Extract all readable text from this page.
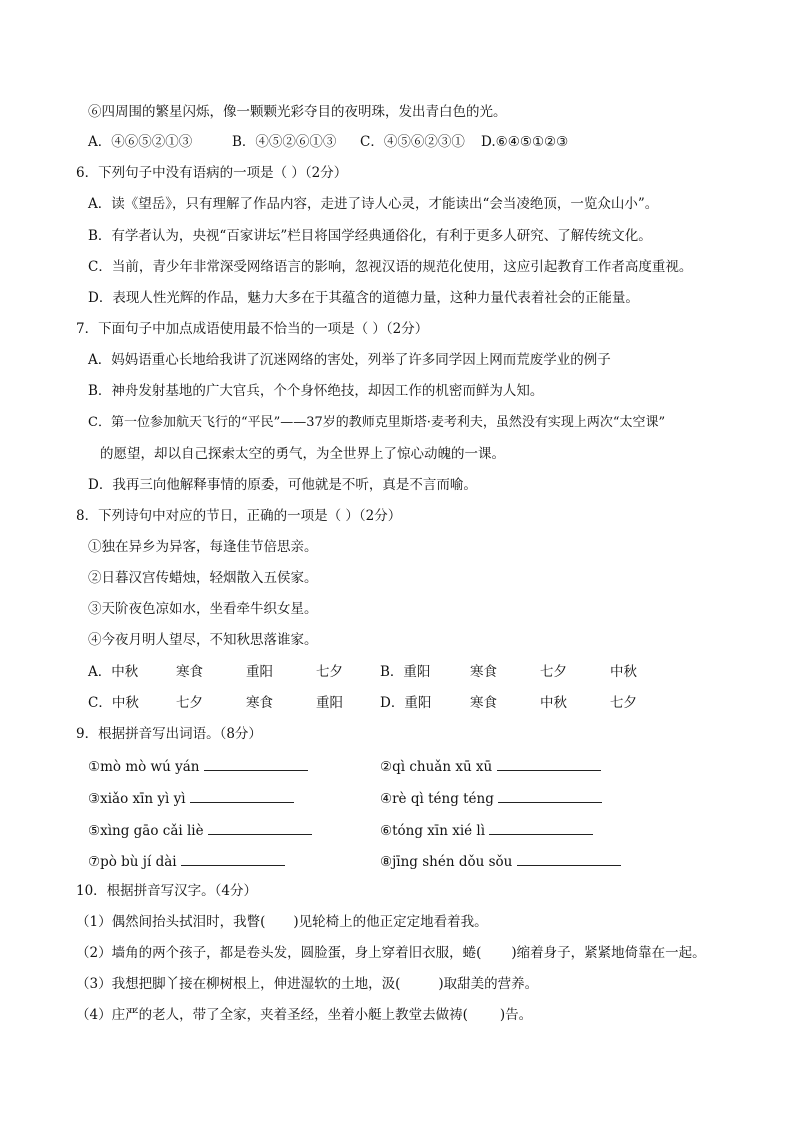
⑥四周围的繁星闪烁，像一颗颗光彩夺目的夜明珠，发出青白色的光。
A．④⑥⑤②①③	B．④⑤②⑥①③ C．④⑤⑥②③① D.⑥④⑤①②③
6．下列句子中没有语病的一项是（ ）（2分）
A．读《望岳》，只有理解了作品内容，走进了诗人心灵，才能读出“会当凌绝顶，一览众山小”。
B．有学者认为，央视“百家讲坛”栏目将国学经典通俗化，有利于更多人研究、了解传统文化。
C．当前，青少年非常深受网络语言的影响，忽视汉语的规范化使用，这应引起教育工作者高度重视。
D．表现人性光辉的作品，魅力大多在于其蕴含的道德力量，这种力量代表着社会的正能量。
7．下面句子中加点成语使用最不恰当的一项是（ ）（2分）
A．妈妈语重心长地给我讲了沉迷网络的害处，列举了许多同学因上网而荒废学业的例子
B．神舟发射基地的广大官兵，个个身怀绝技，却因工作的机密而鲜为人知。
C．第一位参加航天飞行的“平民”——37岁的教师克里斯塔·麦考利夫，虽然没有实现上两次“太空课”
的愿望，却以自己探索太空的勇气，为全世界上了惊心动魄的一课。
D．我再三向他解释事情的原委，可他就是不听，真是不言而喻。
8．下列诗句中对应的节日，正确的一项是（ ）（2分）
①独在异乡为异客，每逢佳节倍思亲。
②日暮汉宫传蜡烛，轻烟散入五侯家。
③天阶夜色凉如水，坐看牵牛织女星。
④今夜月明人望尽，不知秋思落谁家。
A．中秋	寒食	重阳	七夕	B．重阳	寒食	七夕	中秋
C．中秋	七夕	寒食	重阳	D．重阳	寒食	中秋	七夕
9．根据拼音写出词语。（8分）
①mò mò wú yán	②qì chuǎn xū xū
③xiǎo xīn yì yì	④rè qì téng téng
⑤xìng gāo cǎi liè	⑥tóng xīn xié lì
⑦pò bù jí dài	⑧jīng shén dǒu sǒu
10．根据拼音写汉字。（4分）
（1）偶然间抬头拭泪时，我瞥( )见轮椅上的他正定定地看着我。
（2）墙角的两个孩子，都是卷头发，圆脸蛋，身上穿着旧衣服，蜷( )缩着身子，紧紧地倚靠在一起。
（3）我想把脚丫接在柳树根上，伸进湿软的土地，汲(	)取甜美的营养。
（4）庄严的老人，带了全家，夹着圣经，坐着小艇上教堂去做祷( )告。
